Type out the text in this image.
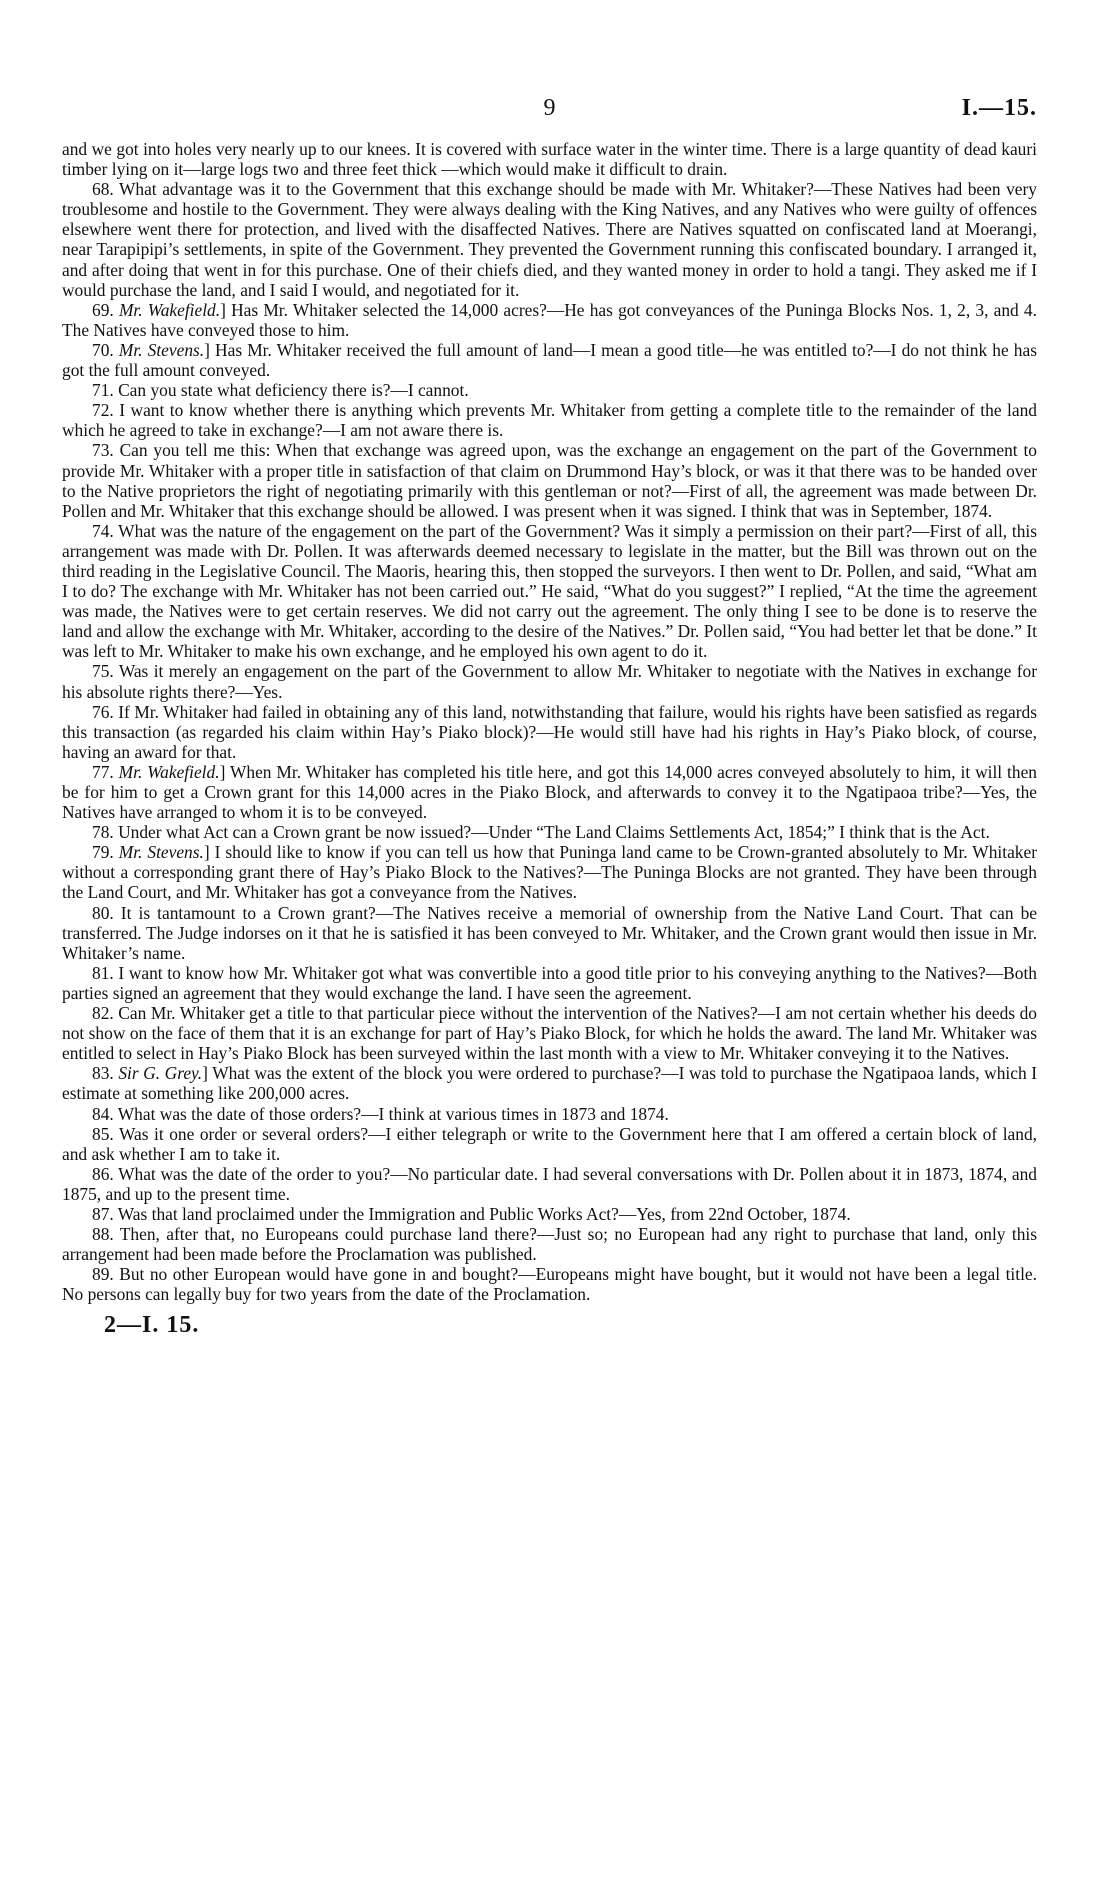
9	I.—15.

and we got into holes very nearly up to our knees. It is covered with surface water in the winter time. There is a large quantity of dead kauri timber lying on it—large logs two and three feet thick —which would make it difficult to drain.

68. What advantage was it to the Government that this exchange should be made with Mr. Whitaker?—These Natives had been very troublesome and hostile to the Government. They were always dealing with the King Natives, and any Natives who were guilty of offences elsewhere went there for protection, and lived with the disaffected Natives. There are Natives squatted on confiscated land at Moerangi, near Tarapipipi’s settlements, in spite of the Government. They prevented the Government running this confiscated boundary. I arranged it, and after doing that went in for this purchase. One of their chiefs died, and they wanted money in order to hold a tangi. They asked me if I would purchase the land, and I said I would, and negotiated for it.

69. Mr. Wakefield.] Has Mr. Whitaker selected the 14,000 acres?—He has got conveyances of the Puninga Blocks Nos. 1, 2, 3, and 4. The Natives have conveyed those to him.

70. Mr. Stevens.] Has Mr. Whitaker received the full amount of land—I mean a good title—he was entitled to?—I do not think he has got the full amount conveyed.

71. Can you state what deficiency there is?—I cannot.

72. I want to know whether there is anything which prevents Mr. Whitaker from getting a complete title to the remainder of the land which he agreed to take in exchange?—I am not aware there is.

73. Can you tell me this: When that exchange was agreed upon, was the exchange an engagement on the part of the Government to provide Mr. Whitaker with a proper title in satisfaction of that claim on Drummond Hay’s block, or was it that there was to be handed over to the Native proprietors the right of negotiating primarily with this gentleman or not?—First of all, the agreement was made between Dr. Pollen and Mr. Whitaker that this exchange should be allowed. I was present when it was signed. I think that was in September, 1874.

74. What was the nature of the engagement on the part of the Government? Was it simply a permission on their part?—First of all, this arrangement was made with Dr. Pollen. It was afterwards deemed necessary to legislate in the matter, but the Bill was thrown out on the third reading in the Legislative Council. The Maoris, hearing this, then stopped the surveyors. I then went to Dr. Pollen, and said, “What am I to do? The exchange with Mr. Whitaker has not been carried out.” He said, “What do you suggest?” I replied, “At the time the agreement was made, the Natives were to get certain reserves. We did not carry out the agreement. The only thing I see to be done is to reserve the land and allow the exchange with Mr. Whitaker, according to the desire of the Natives.” Dr. Pollen said, “You had better let that be done.” It was left to Mr. Whitaker to make his own exchange, and he employed his own agent to do it.

75. Was it merely an engagement on the part of the Government to allow Mr. Whitaker to negotiate with the Natives in exchange for his absolute rights there?—Yes.

76. If Mr. Whitaker had failed in obtaining any of this land, notwithstanding that failure, would his rights have been satisfied as regards this transaction (as regarded his claim within Hay’s Piako block)?—He would still have had his rights in Hay’s Piako block, of course, having an award for that.

77. Mr. Wakefield.] When Mr. Whitaker has completed his title here, and got this 14,000 acres conveyed absolutely to him, it will then be for him to get a Crown grant for this 14,000 acres in the Piako Block, and afterwards to convey it to the Ngatipaoa tribe?—Yes, the Natives have arranged to whom it is to be conveyed.

78. Under what Act can a Crown grant be now issued?—Under “The Land Claims Settlements Act, 1854;” I think that is the Act.

79. Mr. Stevens.] I should like to know if you can tell us how that Puninga land came to be Crown-granted absolutely to Mr. Whitaker without a corresponding grant there of Hay’s Piako Block to the Natives?—The Puninga Blocks are not granted. They have been through the Land Court, and Mr. Whitaker has got a conveyance from the Natives.

80. It is tantamount to a Crown grant?—The Natives receive a memorial of ownership from the Native Land Court. That can be transferred. The Judge indorses on it that he is satisfied it has been conveyed to Mr. Whitaker, and the Crown grant would then issue in Mr. Whitaker’s name.

81. I want to know how Mr. Whitaker got what was convertible into a good title prior to his conveying anything to the Natives?—Both parties signed an agreement that they would exchange the land. I have seen the agreement.

82. Can Mr. Whitaker get a title to that particular piece without the intervention of the Natives?—I am not certain whether his deeds do not show on the face of them that it is an exchange for part of Hay’s Piako Block, for which he holds the award. The land Mr. Whitaker was entitled to select in Hay’s Piako Block has been surveyed within the last month with a view to Mr. Whitaker conveying it to the Natives.

83. Sir G. Grey.] What was the extent of the block you were ordered to purchase?—I was told to purchase the Ngatipaoa lands, which I estimate at something like 200,000 acres.

84. What was the date of those orders?—I think at various times in 1873 and 1874.

85. Was it one order or several orders?—I either telegraph or write to the Government here that I am offered a certain block of land, and ask whether I am to take it.

86. What was the date of the order to you?—No particular date. I had several conversations with Dr. Pollen about it in 1873, 1874, and 1875, and up to the present time.

87. Was that land proclaimed under the Immigration and Public Works Act?—Yes, from 22nd October, 1874.

88. Then, after that, no Europeans could purchase land there?—Just so; no European had any right to purchase that land, only this arrangement had been made before the Proclamation was published.

89. But no other European would have gone in and bought?—Europeans might have bought, but it would not have been a legal title. No persons can legally buy for two years from the date of the Proclamation.

2—I. 15.
